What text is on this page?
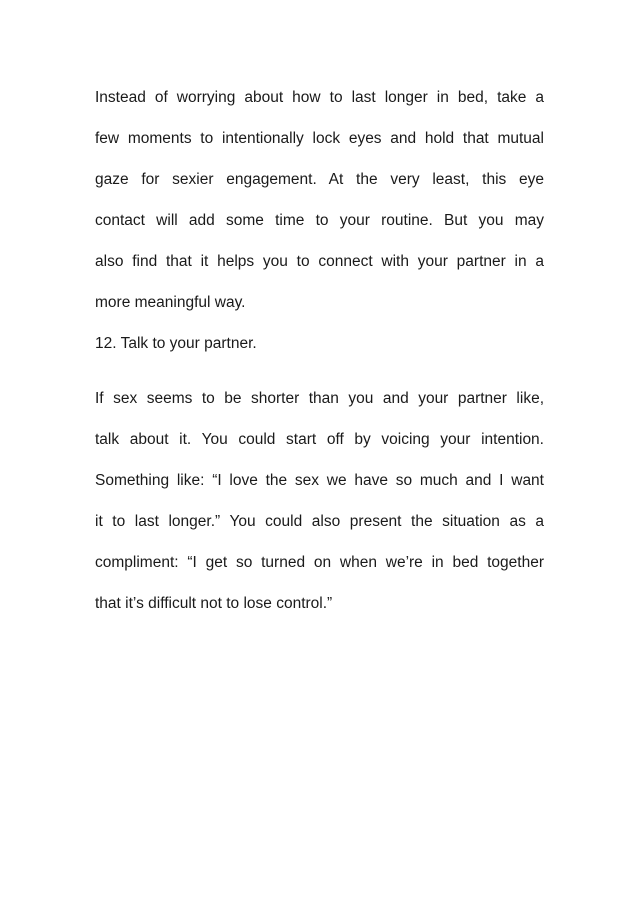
Instead of worrying about how to last longer in bed, take a
few moments to intentionally lock eyes and hold that mutual
gaze for sexier engagement. At the very least, this eye
contact will add some time to your routine. But you may
also find that it helps you to connect with your partner in a
more meaningful way.
12. Talk to your partner.
If sex seems to be shorter than you and your partner like,
talk about it. You could start off by voicing your intention.
Something like: “I love the sex we have so much and I want
it to last longer.” You could also present the situation as a
compliment: “I get so turned on when we’re in bed together
that it’s difficult not to lose control.”
